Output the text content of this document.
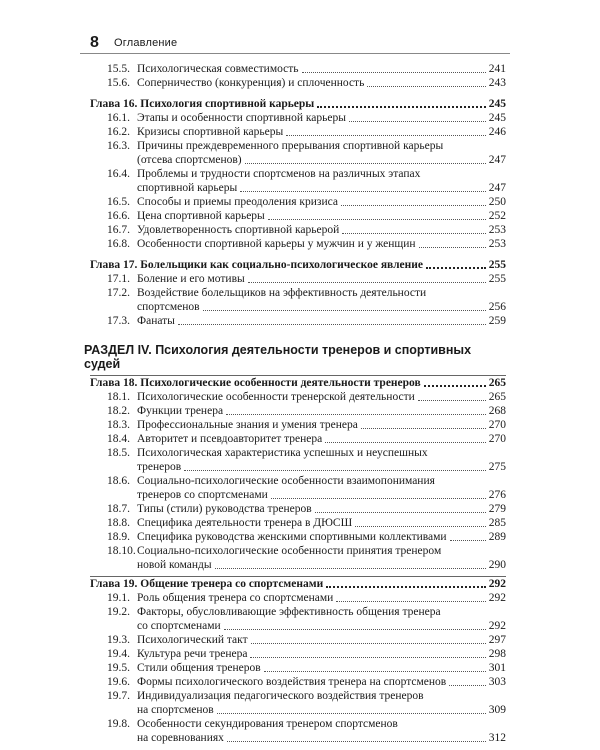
8 Оглавление
15.5. Психологическая совместимость	241
15.6. Соперничество (конкуренция) и сплоченность	243
Глава 16. Психология спортивной карьеры	245
16.1. Этапы и особенности спортивной карьеры	245
16.2. Кризисы спортивной карьеры	246
16.3. Причины преждевременного прерывания спортивной карьеры
(отсева спортсменов)	247
16.4. Проблемы и трудности спортсменов на различных этапах
спортивной карьеры	247
16.5. Способы и приемы преодоления кризиса	250
16.6. Цена спортивной карьеры	252
16.7. Удовлетворенность спортивной карьерой	253
16.8. Особенности спортивной карьеры у мужчин и у женщин	253
Глава 17. Болельщики как социально-психологическое явление	255
17.1. Боление и его мотивы	255
17.2. Воздействие болельщиков на эффективность деятельности
спортсменов	256
17.3. Фанаты	259
РАЗДЕЛ IV. Психология деятельности тренеров и спортивных судей
Глава 18. Психологические особенности деятельности тренеров	265
18.1. Психологические особенности тренерской деятельности	265
18.2. Функции тренера	268
18.3. Профессиональные знания и умения тренера	270
18.4. Авторитет и псевдоавторитет тренера	270
18.5. Психологическая характеристика успешных и неуспешных
тренеров	275
18.6. Социально-психологические особенности взаимопонимания
тренеров со спортсменами	276
18.7. Типы (стили) руководства тренеров	279
18.8. Специфика деятельности тренера в ДЮСШ	285
18.9. Специфика руководства женскими спортивными коллективами	289
18.10. Социально-психологические особенности принятия тренером
новой команды	290
Глава 19. Общение тренера со спортсменами	292
19.1. Роль общения тренера со спортсменами	292
19.2. Факторы, обусловливающие эффективность общения тренера
со спортсменами	292
19.3. Психологический такт	297
19.4. Культура речи тренера	298
19.5. Стили общения тренеров	301
19.6. Формы психологического воздействия тренера на спортсменов	303
19.7. Индивидуализация педагогического воздействия тренеров
на спортсменов	309
19.8. Особенности секундирования тренером спортсменов
на соревнованиях	312
